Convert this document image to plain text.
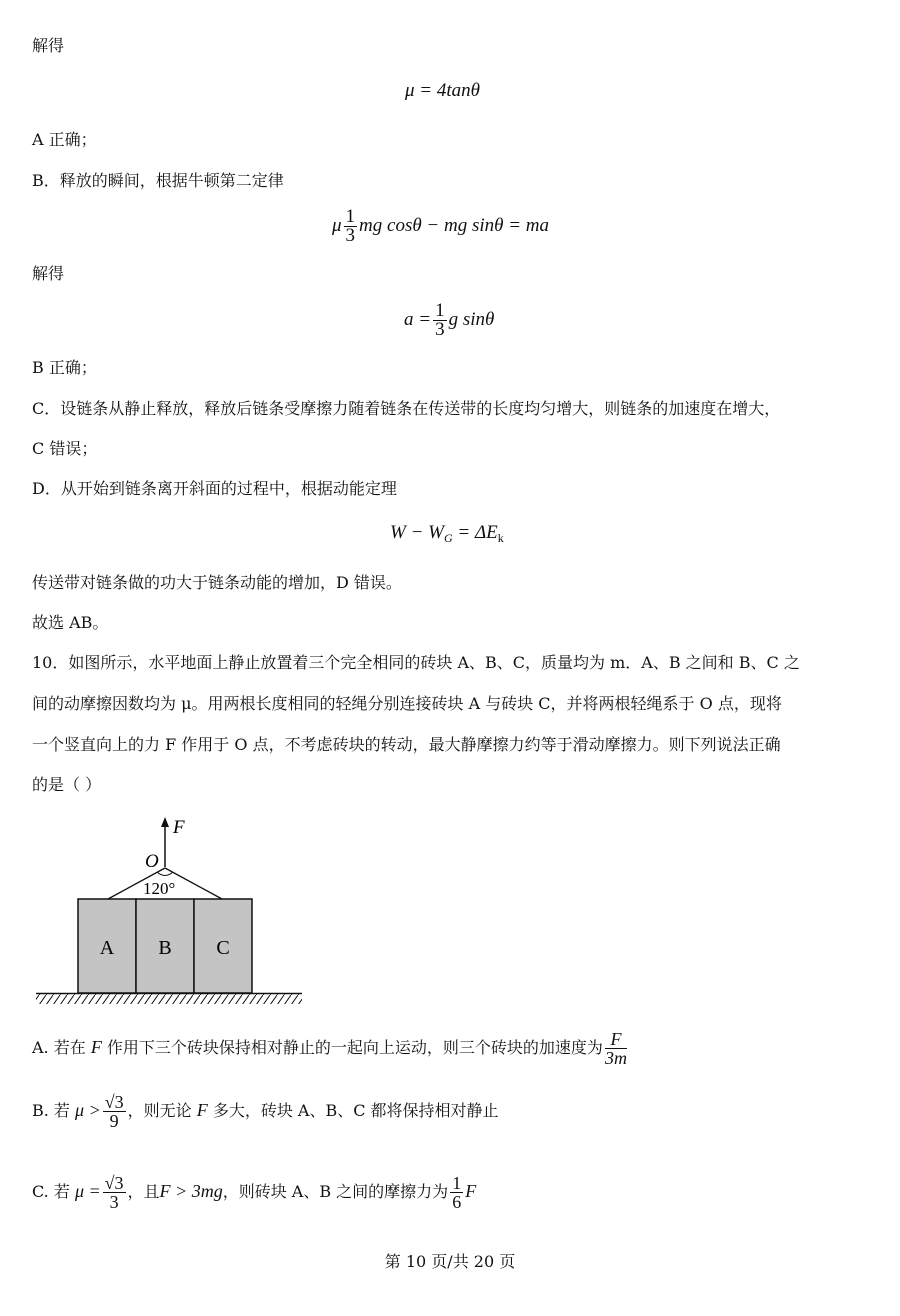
解得
μ = 4tanθ
A 正确；
B．释放的瞬间，根据牛顿第二定律
μ $\frac{1}{3}$ mg cosθ − mg sinθ = ma
解得
$a = \frac{1}{3}$ g sinθ
B 正确；
C．设链条从静止释放，释放后链条受摩擦力随着链条在传送带的长度均匀增大，则链条的加速度在增大，
C 错误；
D．从开始到链条离开斜面的过程中，根据动能定理
$W - W_G = \Delta E_k$
传送带对链条做的功大于链条动能的增加，D 错误。
故选 AB。
10．如图所示，水平地面上静止放置着三个完全相同的砖块 A、B、C，质量均为 m．A、B 之间和 B、C 之
间的动摩擦因数均为 μ。用两根长度相同的轻绳分别连接砖块 A 与砖块 C，并将两根轻绳系于 O 点，现将
一个竖直向上的力 F 作用于 O 点，不考虑砖块的转动，最大静摩擦力约等于滑动摩擦力。则下列说法正确
的是（ ）
F
O
120°
A B C
A. 若在 F 作用下三个砖块保持相对静止的一起向上运动，则三个砖块的加速度为 $\frac{F}{3m}$
B. 若 $\mu > \frac{√3}{9}$ ，则无论 F 多大，砖块 A、B、C 都将保持相对静止
C. 若 $\mu = \frac{√3}{3}$ ，且F > 3mg，则砖块 A、B 之间的摩擦力为 $\frac{1}{6}$ F
第 10 页/共 20 页
